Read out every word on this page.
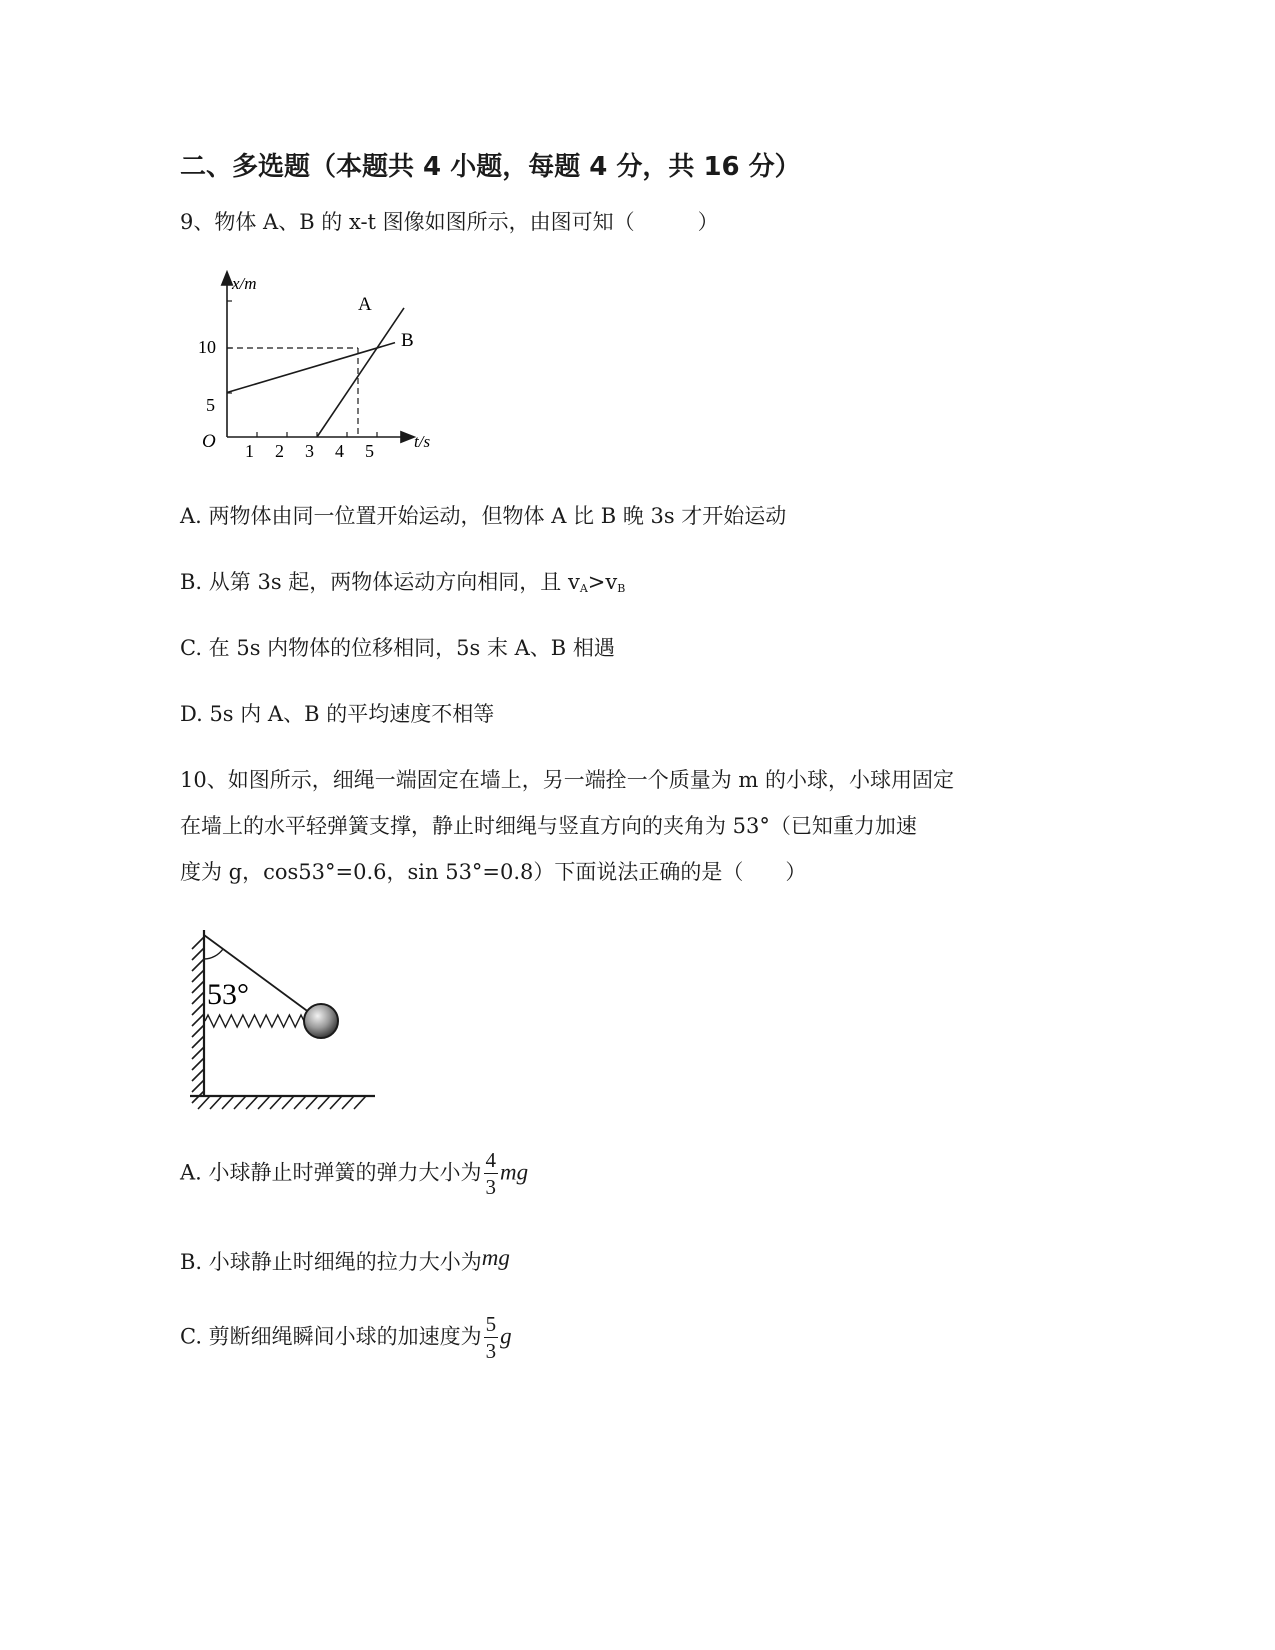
二、多选题（本题共 4 小题，每题 4 分，共 16 分）
9、物体 A、B 的 x-t 图像如图所示，由图可知（　　　）
x/m
t/s
O
5
10
1 2 3 4 5
A
B
A. 两物体由同一位置开始运动，但物体 A 比 B 晚 3s 才开始运动
B. 从第 3s 起，两物体运动方向相同，且 $v_A>v_B$
C. 在 5s 内物体的位移相同，5s 末 A、B 相遇
D. 5s 内 A、B 的平均速度不相等
10、如图所示，细绳一端固定在墙上，另一端拴一个质量为 m 的小球，小球用固定
在墙上的水平轻弹簧支撑，静止时细绳与竖直方向的夹角为 53°（已知重力加速
度为 g，cos53°=0.6，sin 53°=0.8）下面说法正确的是（　　）
53°
A. 小球静止时弹簧的弹力大小为 $\frac{4}{3}$ mg
B. 小球静止时细绳的拉力大小为mg
C. 剪断细绳瞬间小球的加速度为 $\frac{5}{3}$ g
